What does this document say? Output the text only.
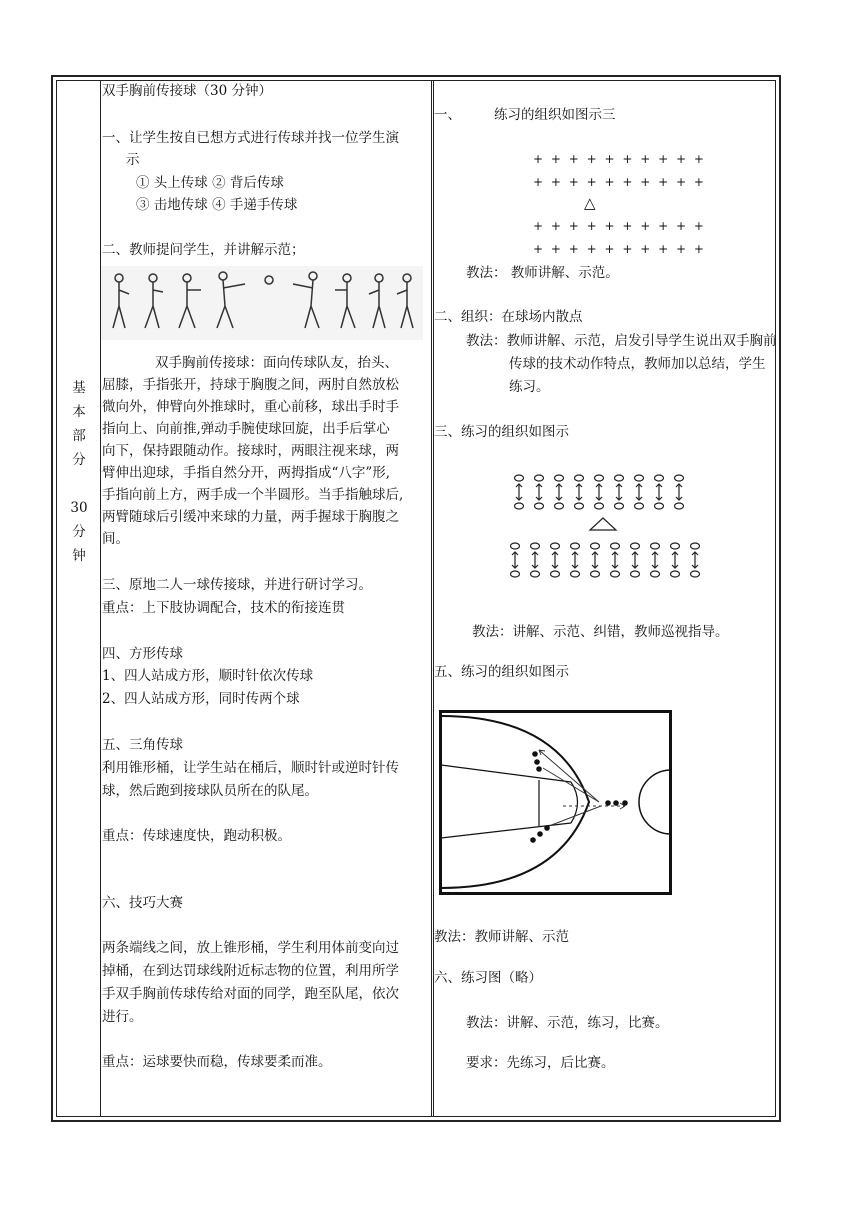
基
本
部
分
30
分
钟
双手胸前传接球（30 分钟）
一、让学生按自已想方式进行传球并找一位学生演
示
① 头上传球 ② 背后传球
③ 击地传球 ④ 手递手传球
二、教师提问学生，并讲解示范；
双手胸前传接球：面向传球队友，抬头、
屈膝，手指张开，持球于胸腹之间，两肘自然放松
微向外，伸臂向外推球时，重心前移，球出手时手
指向上、向前推,弹动手腕使球回旋，出手后掌心
向下，保持跟随动作。接球时，两眼注视来球，两
臂伸出迎球，手指自然分开，两拇指成“八字”形,
手指向前上方，两手成一个半圆形。当手指触球后,
两臂随球后引缓冲来球的力量，两手握球于胸腹之
间。
三、原地二人一球传接球，并进行研讨学习。
重点：上下肢协调配合，技术的衔接连贯
四、方形传球
1、四人站成方形，顺时针依次传球
2、四人站成方形，同时传两个球
五、三角传球
利用锥形桶，让学生站在桶后，顺时针或逆时针传
球，然后跑到接球队员所在的队尾。
重点：传球速度快，跑动积极。
六、技巧大赛
两条端线之间，放上锥形桶，学生利用体前变向过
掉桶，在到达罚球线附近标志物的位置，利用所学
手双手胸前传球传给对面的同学，跑至队尾，依次
进行。
重点：运球要快而稳，传球要柔而准。
一、 练习的组织如图示三
+ + + + + + + + + +
+ + + + + + + + + +
△
+ + + + + + + + + +
+ + + + + + + + + +
教法： 教师讲解、示范。
二、组织：在球场内散点
教法：教师讲解、示范，启发引导学生说出双手胸前
传球的技术动作特点，教师加以总结，学生
练习。
三、练习的组织如图示
教法：讲解、示范、纠错，教师巡视指导。
五、练习的组织如图示
教法：教师讲解、示范
六、练习图（略）
教法：讲解、示范，练习，比赛。
要求：先练习，后比赛。
